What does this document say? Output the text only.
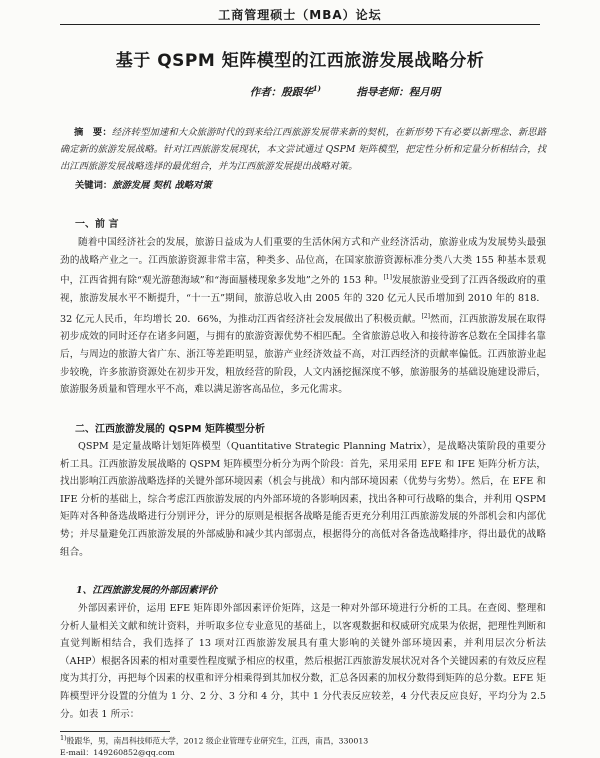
工商管理硕士（MBA）论坛
基于 QSPM 矩阵模型的江西旅游发展战略分析
作者：殷跟华$^{1)}$	指导老师：程月明
摘　要：经济转型加速和大众旅游时代的到来给江西旅游发展带来新的契机，在新形势下有必要以新理念、新思路确定新的旅游发展战略。针对江西旅游发展现状，本文尝试通过 QSPM 矩阵模型，把定性分析和定量分析相结合，找出江西旅游发展战略选择的最优组合，并为江西旅游发展提出战略对策。
关键词：旅游发展 契机 战略对策
一、前 言

随着中国经济社会的发展，旅游日益成为人们重要的生活休闲方式和产业经济活动，旅游业成为发展势头最强劲的战略产业之一。江西旅游资源非常丰富，种类多、品位高，在国家旅游资源标准分类八大类 155 种基本景观中，江西省拥有除“观光游憩海域”和“海面蜃楼现象多发地”之外的 153 种。[1]发展旅游业受到了江西各级政府的重视，旅游发展水平不断提升，“十一五”期间，旅游总收入由 2005 年的 320 亿元人民币增加到 2010 年的 818．32 亿元人民币，年均增长 20．66%，为推动江西省经济社会发展做出了积极贡献。[2]然而，江西旅游发展在取得初步成效的同时还存在诸多问题，与拥有的旅游资源优势不相匹配。全省旅游总收入和接待游客总数在全国排名靠后，与周边的旅游大省广东、浙江等差距明显，旅游产业经济效益不高，对江西经济的贡献率偏低。江西旅游业起步较晚，许多旅游资源处在初步开发，粗放经营的阶段，人文内涵挖掘深度不够，旅游服务的基础设施建设滞后，旅游服务质量和管理水平不高，难以满足游客高品位，多元化需求。

二、江西旅游发展的 QSPM 矩阵模型分析

QSPM 是定量战略计划矩阵模型（Quantitative Strategic Planning Matrix），是战略决策阶段的重要分析工具。江西旅游发展战略的 QSPM 矩阵模型分析分为两个阶段：首先，采用采用 EFE 和 IFE 矩阵分析方法，找出影响江西旅游战略选择的关键外部环境因素（机会与挑战）和内部环境因素（优势与劣势）。然后，在 EFE 和 IFE 分析的基础上，综合考虑江西旅游发展的内外部环境的各影响因素，找出各种可行战略的集合，并利用 QSPM 矩阵对各种备选战略进行分别评分，评分的原则是根据各战略是能否更充分利用江西旅游发展的外部机会和内部优势；并尽量避免江西旅游发展的外部威胁和减少其内部弱点，根据得分的高低对各备选战略排序，得出最优的战略组合。

1、江西旅游发展的外部因素评价

外部因素评价，运用 EFE 矩阵即外部因素评价矩阵，这是一种对外部环境进行分析的工具。在查阅、整理和分析人量相关文献和统计资料，并听取多位专业意见的基础上，以客观数据和权威研究成果为依据，把理性判断和直觉判断相结合，我们选择了 13 项对江西旅游发展具有重大影响的关键外部环境因素，并利用层次分析法（AHP）根据各因素的相对重要性程度赋予相应的权重，然后根据江西旅游发展状况对各个关键因素的有效反应程度为其打分，再把每个因素的权重和评分相乘得到其加权分数，汇总各因素的加权分数得到矩阵的总分数。EFE 矩阵模型评分设置的分值为 1 分、2 分、3 分和 4 分，其中 1 分代表反应较差，4 分代表反应良好，平均分为 2.5 分。如表 1 所示：

$^{1)}$殷跟华，男，南昌科技师范大学，2012 级企业管理专业研究生，江西，南昌，330013
E-mail：149260852@qq.com
